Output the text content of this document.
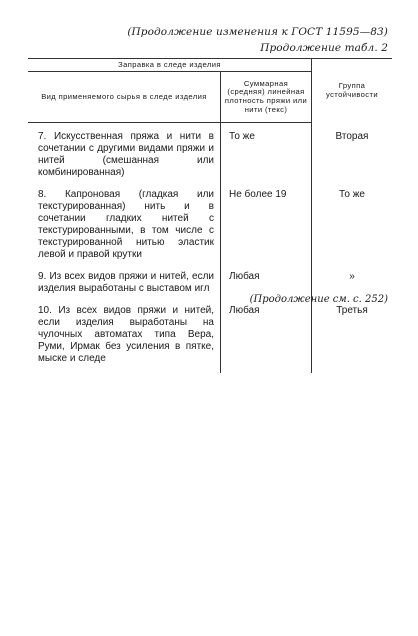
(Продолжение изменения к ГОСТ 11595—83)
Продолжение табл. 2
Заправка в следе изделия		Группа устойчивости
Вид применяемого сырья в следе изделия	Суммарная (средняя) линейная плотность пряжи или нити (текс)	
7. Искусственная пряжа и нити в сочетании с другими видами пряжи и нитей (смешанная или комбинированная)	То же	Вторая
8. Капроновая (гладкая или текстурированная) нить и в сочетании гладких нитей с текстурированными, в том числе с текстурированной нитью эластик левой и правой крутки	Не более 19	То же
9. Из всех видов пряжи и нитей, если изделия выработаны с выставом игл	Любая	»
10. Из всех видов пряжи и нитей, если изделия выработаны на чулочных автоматах типа Вера, Руми, Ирмак без усиления в пятке, мыске и следе	Любая	Третья
(Продолжение см. с. 252)
